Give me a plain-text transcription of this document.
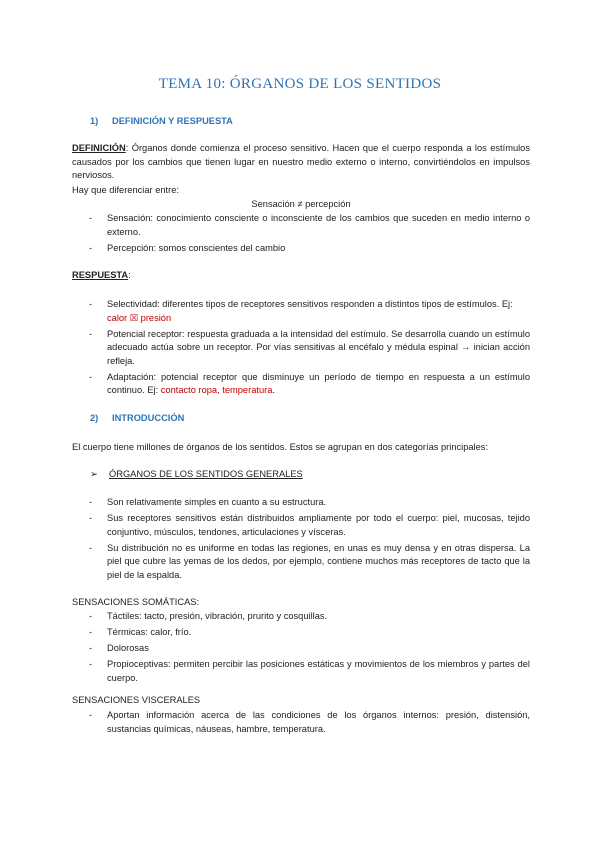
TEMA 10: ÓRGANOS DE LOS SENTIDOS
1) DEFINICIÓN Y RESPUESTA
DEFINICIÓN: Órganos donde comienza el proceso sensitivo. Hacen que el cuerpo responda a los estímulos causados por los cambios que tienen lugar en nuestro medio externo o interno, convirtiéndolos en impulsos nerviosos.
Hay que diferenciar entre:
Sensación ≠ percepción
- Sensación: conocimiento consciente o inconsciente de los cambios que suceden en medio interno o externo.
- Percepción: somos conscientes del cambio
RESPUESTA:
- Selectividad: diferentes tipos de receptores sensitivos responden a distintos tipos de estímulos. Ej:
calor ☒ presión
- Potencial receptor: respuesta graduada a la intensidad del estímulo. Se desarrolla cuando un estímulo adecuado actúa sobre un receptor. Por vías sensitivas al encéfalo y médula espinal → inician acción refleja.
- Adaptación: potencial receptor que disminuye un período de tiempo en respuesta a un estímulo continuo. Ej: contacto ropa, temperatura.
2) INTRODUCCIÓN
El cuerpo tiene millones de órganos de los sentidos. Estos se agrupan en dos categorías principales:
➢ ÓRGANOS DE LOS SENTIDOS GENERALES
- Son relativamente simples en cuanto a su estructura.
- Sus receptores sensitivos están distribuidos ampliamente por todo el cuerpo: piel, mucosas, tejido conjuntivo, músculos, tendones, articulaciones y vísceras.
- Su distribución no es uniforme en todas las regiones, en unas es muy densa y en otras dispersa. La piel que cubre las yemas de los dedos, por ejemplo, contiene muchos más receptores de tacto que la piel de la espalda.
SENSACIONES SOMÁTICAS:
- Táctiles: tacto, presión, vibración, prurito y cosquillas.
- Térmicas: calor, frío.
- Dolorosas
- Propioceptivas: permiten percibir las posiciones estáticas y movimientos de los miembros y partes del cuerpo.
SENSACIONES VISCERALES
- Aportan información acerca de las condiciones de los órganos internos: presión, distensión, sustancias químicas, náuseas, hambre, temperatura.
